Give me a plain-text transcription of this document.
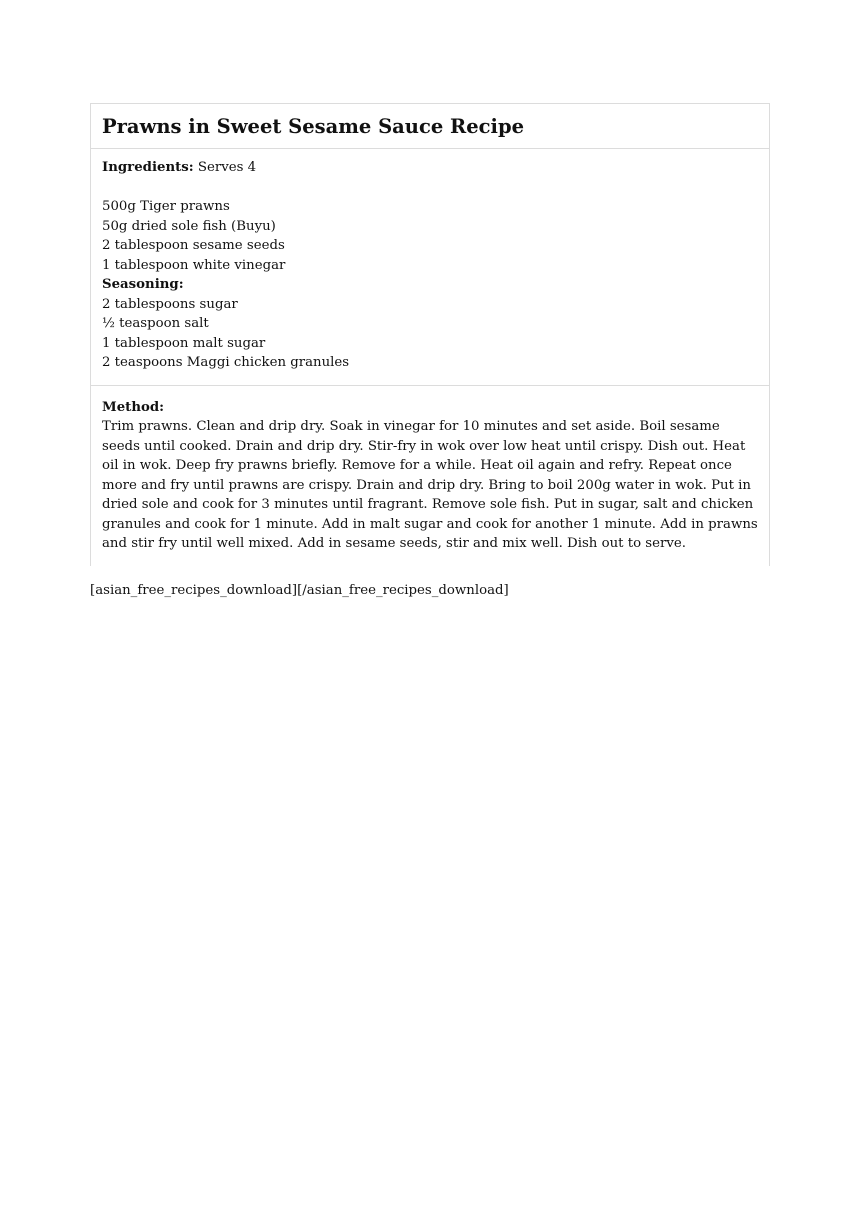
Prawns in Sweet Sesame Sauce Recipe
Ingredients: Serves 4
500g Tiger prawns
50g dried sole fish (Buyu)
2 tablespoon sesame seeds
1 tablespoon white vinegar
Seasoning:
2 tablespoons sugar
½ teaspoon salt
1 tablespoon malt sugar
2 teaspoons Maggi chicken granules
Method:
Trim prawns. Clean and drip dry. Soak in vinegar for 10 minutes and set aside. Boil sesame
seeds until cooked. Drain and drip dry. Stir-fry in wok over low heat until crispy. Dish out. Heat
oil in wok. Deep fry prawns briefly. Remove for a while. Heat oil again and refry. Repeat once
more and fry until prawns are crispy. Drain and drip dry. Bring to boil 200g water in wok. Put in
dried sole and cook for 3 minutes until fragrant. Remove sole fish. Put in sugar, salt and chicken
granules and cook for 1 minute. Add in malt sugar and cook for another 1 minute. Add in prawns
and stir fry until well mixed. Add in sesame seeds, stir and mix well. Dish out to serve.
[asian_free_recipes_download][/asian_free_recipes_download]
